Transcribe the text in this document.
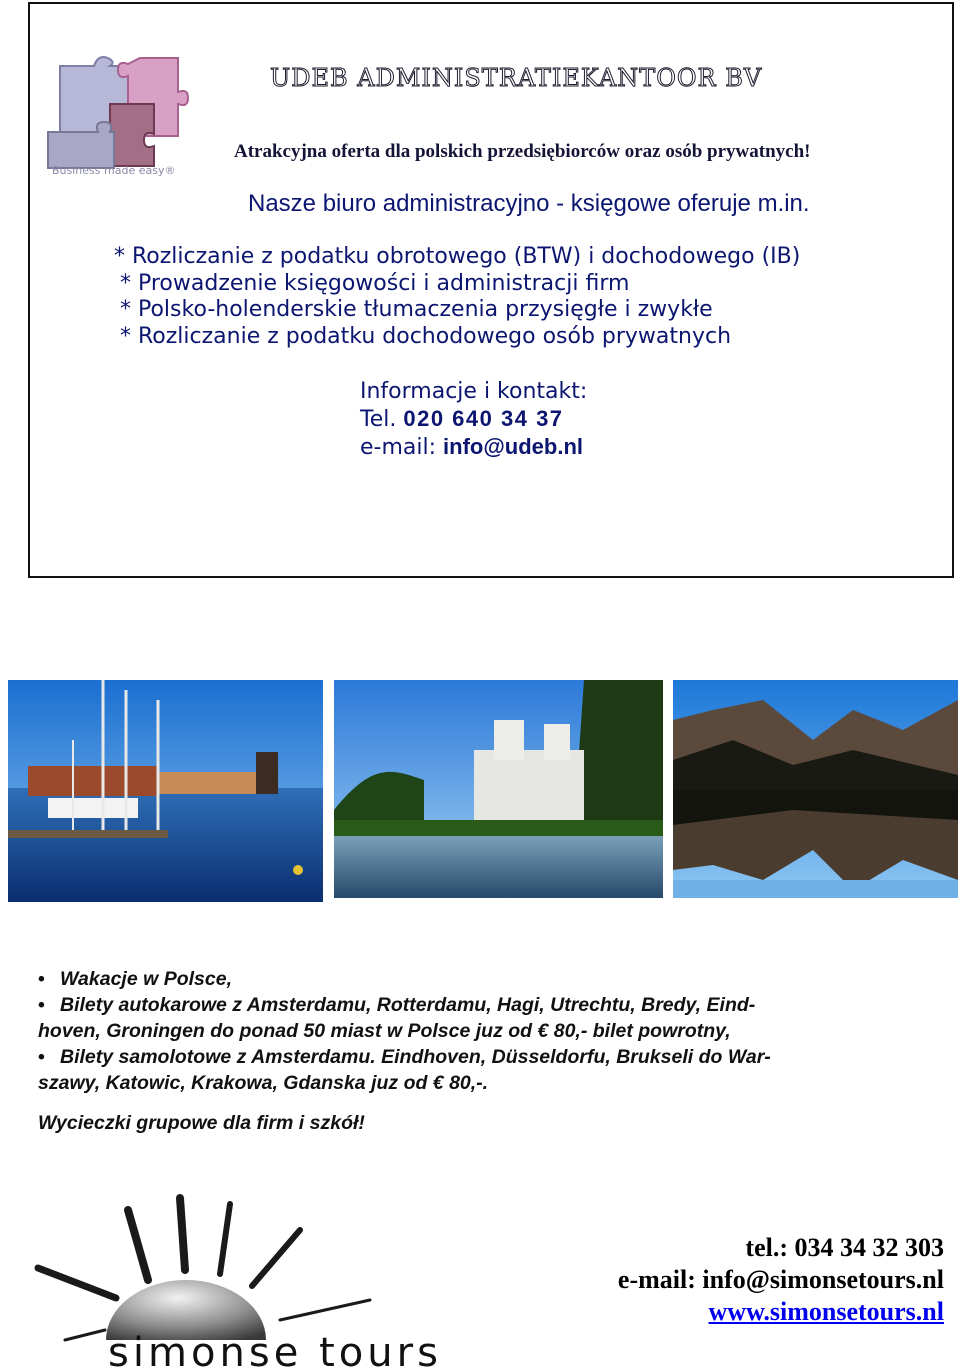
Business made easy®
UDEB ADMINISTRATIEKANTOOR BV
Atrakcyjna oferta dla polskich przedsiębiorców oraz osób prywatnych!
Nasze biuro administracyjno - księgowe oferuje m.in.
* Rozliczanie z podatku obrotowego (BTW) i dochodowego (IB)
* Prowadzenie księgowości i administracji firm
* Polsko-holenderskie tłumaczenia przysięgłe i zwykłe
* Rozliczanie z podatku dochodowego osób prywatnych
Informacje i kontakt:
Tel. 020 640 34 37
e-mail: info@udeb.nl
• Wakacje w Polsce,
• Bilety autokarowe z Amsterdamu, Rotterdamu, Hagi, Utrechtu, Bredy, Eind-
hoven, Groningen do ponad 50 miast w Polsce juz od € 80,- bilet powrotny,
• Bilety samolotowe z Amsterdamu. Eindhoven, Düsseldorfu, Brukseli do War-
szawy, Katowic, Krakowa, Gdanska juz od € 80,-.
Wycieczki grupowe dla firm i szkół!
simonse tours
tel.: 034 34 32 303
e-mail: info@simonsetours.nl
www.simonsetours.nl
